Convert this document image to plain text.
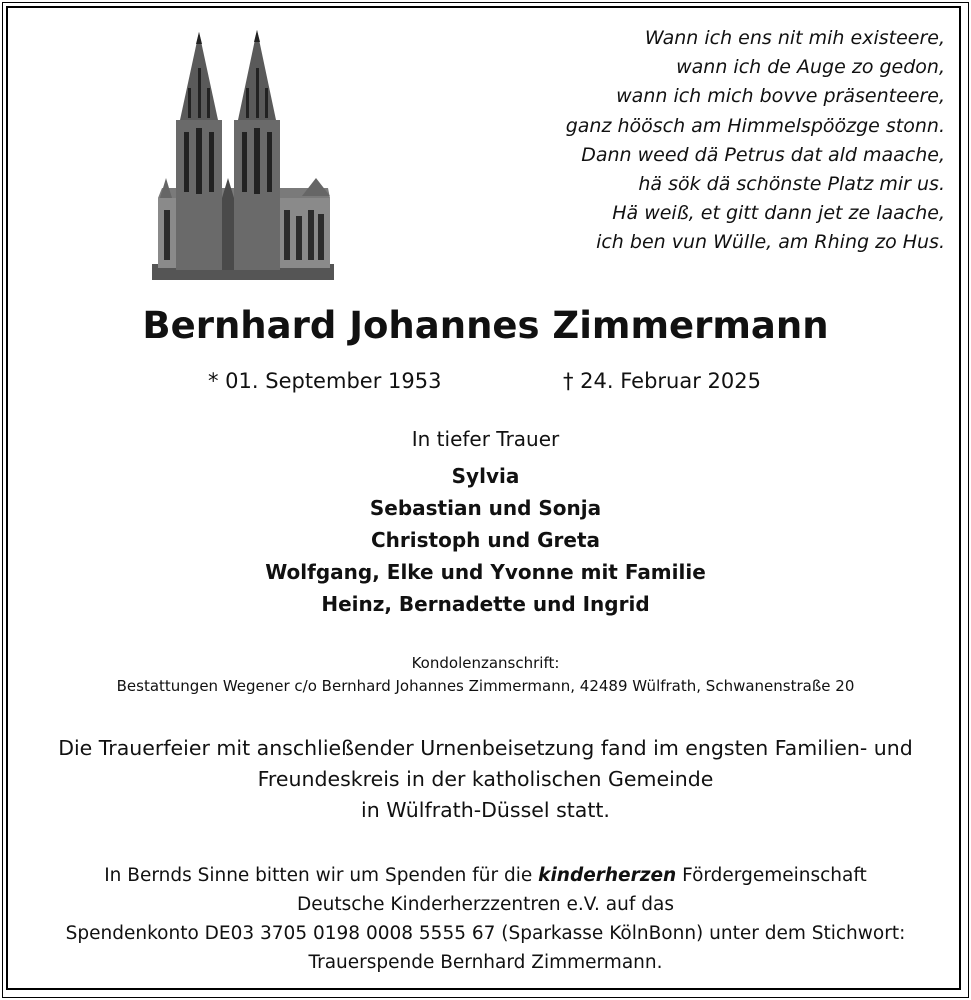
Wann ich ens nit mih existeere,
wann ich de Auge zo gedon,
wann ich mich bovve präsenteere,
ganz höösch am Himmelspöözge stonn.
Dann weed dä Petrus dat ald maache,
hä sök dä schönste Platz mir us.
Hä weiß, et gitt dann jet ze laache,
ich ben vun Wülle, am Rhing zo Hus.
Bernhard Johannes Zimmermann
* 01. September 1953	† 24. Februar 2025
In tiefer Trauer
Sylvia
Sebastian und Sonja
Christoph und Greta
Wolfgang, Elke und Yvonne mit Familie
Heinz, Bernadette und Ingrid
Kondolenzanschrift:
Bestattungen Wegener c/o Bernhard Johannes Zimmermann, 42489 Wülfrath, Schwanenstraße 20
Die Trauerfeier mit anschließender Urnenbeisetzung fand im engsten Familien- und
Freundeskreis in der katholischen Gemeinde
in Wülfrath-Düssel statt.
In Bernds Sinne bitten wir um Spenden für die kinderherzen Fördergemeinschaft
Deutsche Kinderherzzentren e.V. auf das
Spendenkonto DE03 3705 0198 0008 5555 67 (Sparkasse KölnBonn) unter dem Stichwort:
Trauerspende Bernhard Zimmermann.
